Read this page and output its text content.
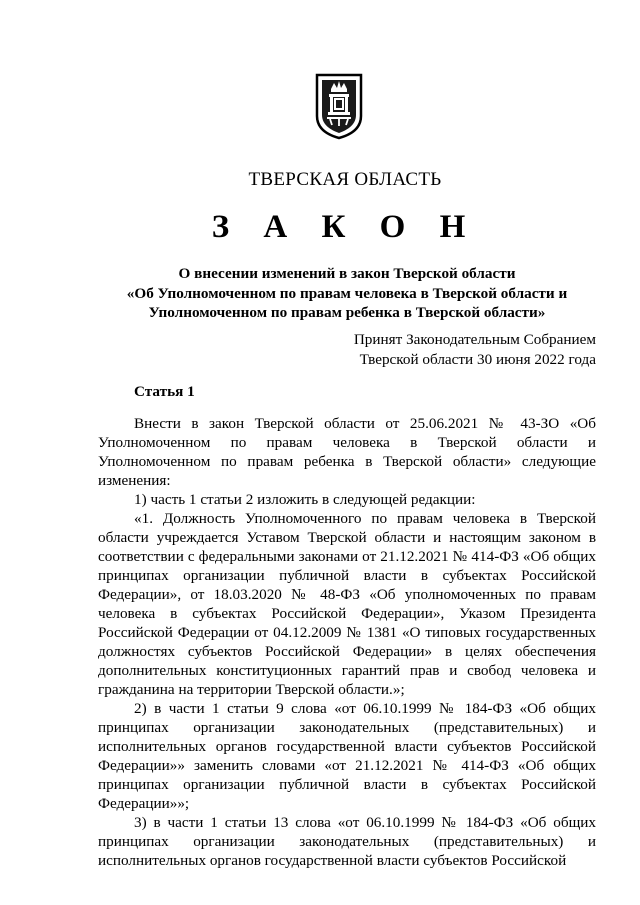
ТВЕРСКАЯ ОБЛАСТЬ
З А К О Н
О внесении изменений в закон Тверской области
«Об Уполномоченном по правам человека в Тверской области и
Уполномоченном по правам ребенка в Тверской области»
Принят Законодательным Собранием
Тверской области 30 июня 2022 года
Статья 1

Внести в закон Тверской области от 25.06.2021 № 43-ЗО «Об Уполномоченном по правам человека в Тверской области и Уполномоченном по правам ребенка в Тверской области» следующие изменения:

1) часть 1 статьи 2 изложить в следующей редакции:

«1. Должность Уполномоченного по правам человека в Тверской области учреждается Уставом Тверской области и настоящим законом в соответствии с федеральными законами от 21.12.2021 № 414-ФЗ «Об общих принципах организации публичной власти в субъектах Российской Федерации», от 18.03.2020 № 48-ФЗ «Об уполномоченных по правам человека в субъектах Российской Федерации», Указом Президента Российской Федерации от 04.12.2009 № 1381 «О типовых государственных должностях субъектов Российской Федерации» в целях обеспечения дополнительных конституционных гарантий прав и свобод человека и гражданина на территории Тверской области.»;

2) в части 1 статьи 9 слова «от 06.10.1999 № 184-ФЗ «Об общих принципах организации законодательных (представительных) и исполнительных органов государственной власти субъектов Российской Федерации»» заменить словами «от 21.12.2021 № 414-ФЗ «Об общих принципах организации публичной власти в субъектах Российской Федерации»»;

3) в части 1 статьи 13 слова «от 06.10.1999 № 184-ФЗ «Об общих принципах организации законодательных (представительных) и исполнительных органов государственной власти субъектов Российской
